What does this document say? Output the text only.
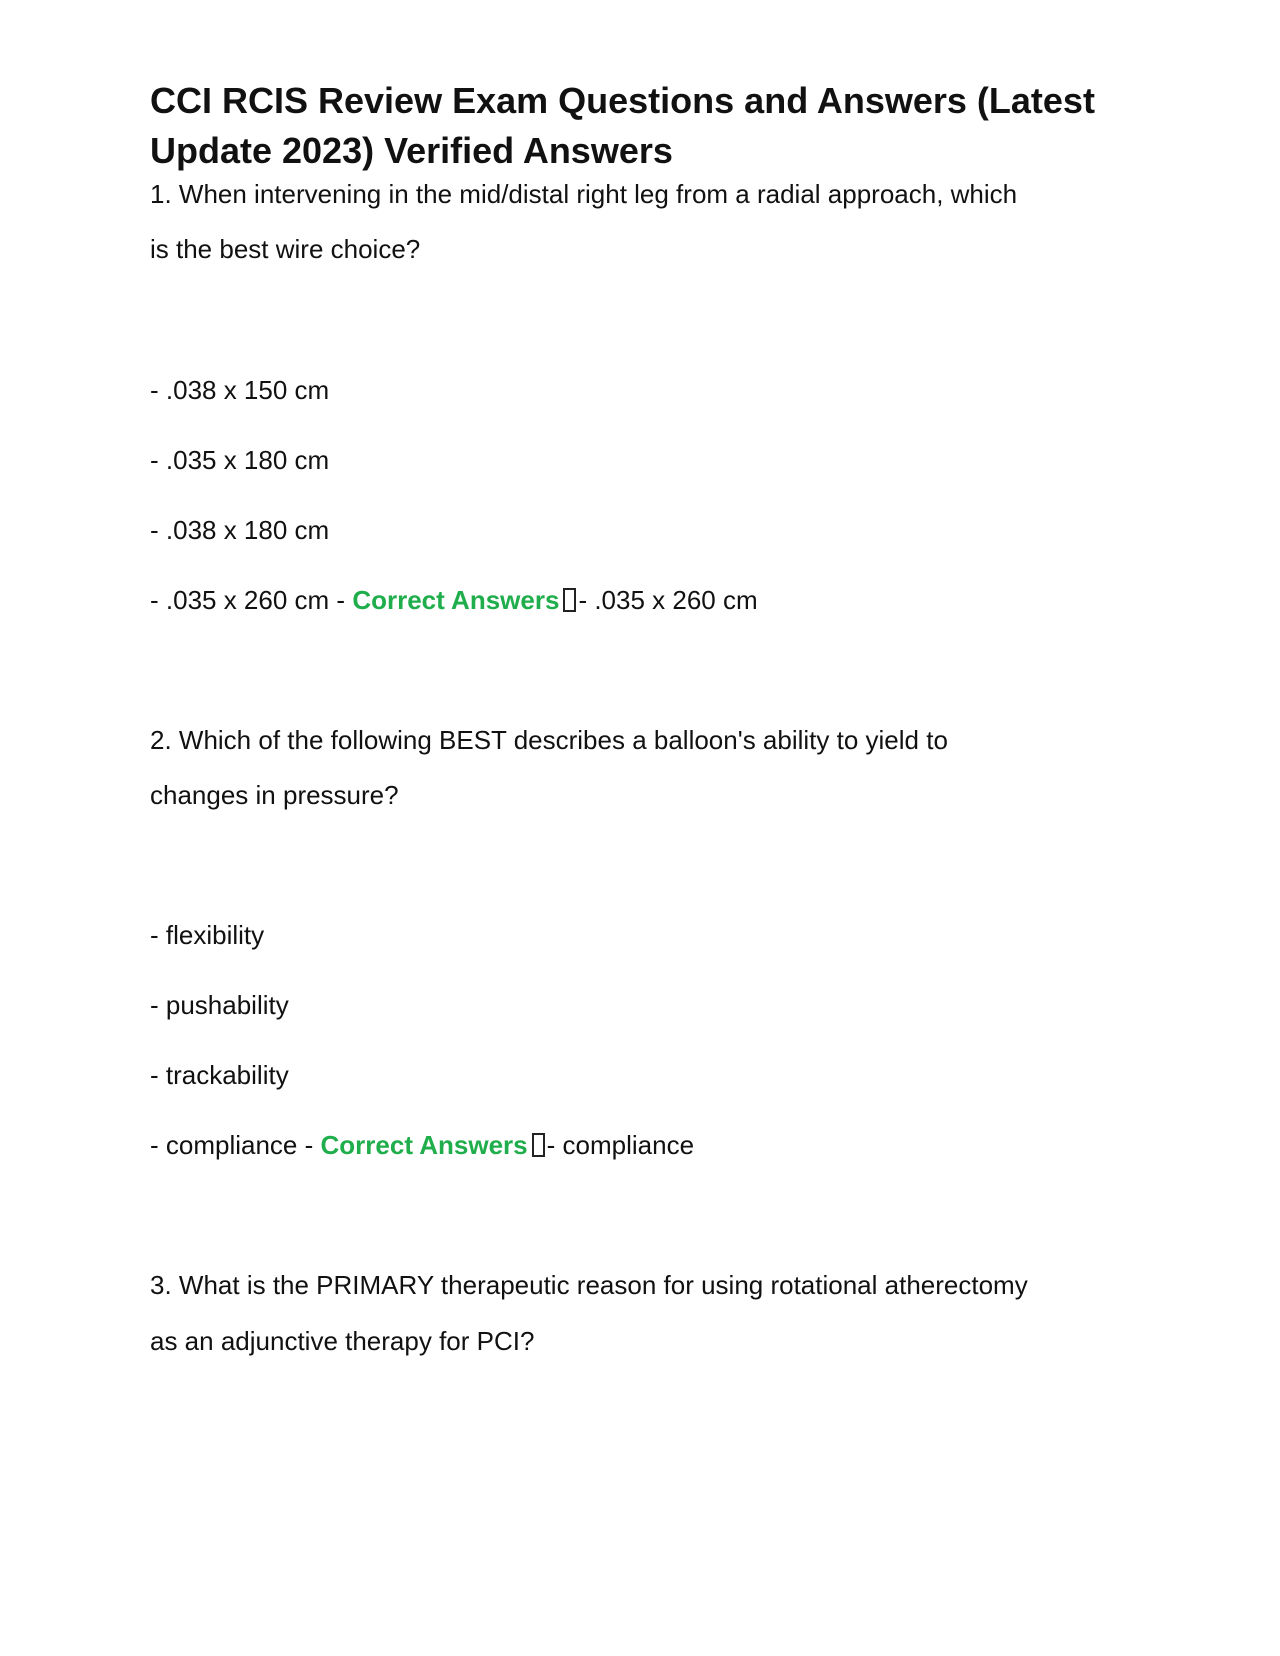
CCI RCIS Review Exam Questions and Answers (Latest Update 2023) Verified Answers
1. When intervening in the mid/distal right leg from a radial approach, which
is the best wire choice?
- .038 x 150 cm
- .035 x 180 cm
- .038 x 180 cm
- .035 x 260 cm - Correct Answers - .035 x 260 cm
2. Which of the following BEST describes a balloon's ability to yield to
changes in pressure?
- flexibility
- pushability
- trackability
- compliance - Correct Answers - compliance
3. What is the PRIMARY therapeutic reason for using rotational atherectomy
as an adjunctive therapy for PCI?
